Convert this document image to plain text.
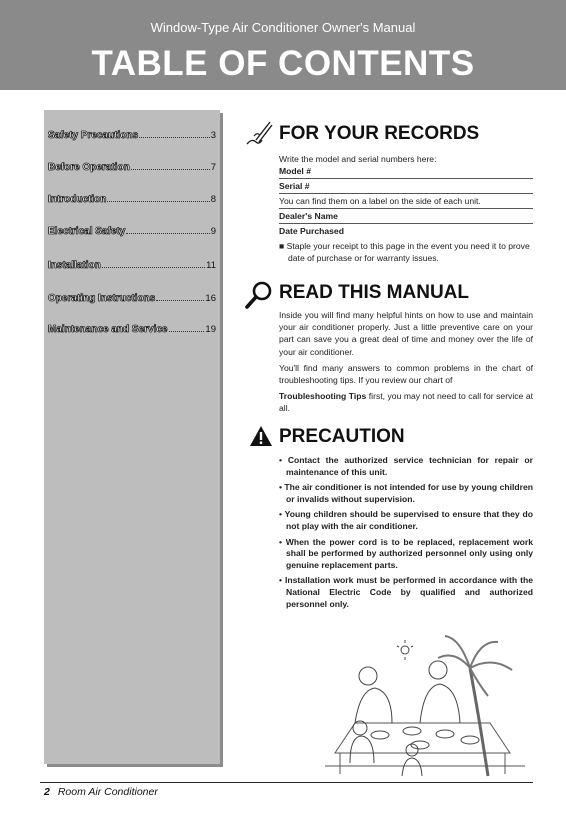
Window-Type Air Conditioner Owner's Manual
TABLE OF CONTENTS
Safety Precautions	3
Before Operation	7
Introduction	8
Electrical Safety	9
Installation	11
Operating Instructions	16
Maintenance and Service	19
FOR YOUR RECORDS
Write the model and serial numbers here:
Model #
Serial #
You can find them on a label on the side of each unit.
Dealer's Name
Date Purchased
■ Staple your receipt to this page in the event you need it to prove date of purchase or for warranty issues.
READ THIS MANUAL

Inside you will find many helpful hints on how to use and maintain your air conditioner properly. Just a little preventive care on your part can save you a great deal of time and money over the life of your air conditioner.

You'll find many answers to common problems in the chart of troubleshooting tips. If you review our chart of

Troubleshooting Tips first, you may not need to call for service at all.

PRECAUTION
• Contact the authorized service technician for repair or maintenance of this unit.
• The air conditioner is not intended for use by young children or invalids without supervision.
• Young children should be supervised to ensure that they do not play with the air conditioner.
• When the power cord is to be replaced, replacement work shall be performed by authorized personnel only using only genuine replacement parts.
• Installation work must be performed in accordance with the National Electric Code by qualified and authorized personnel only.
2 Room Air Conditioner
